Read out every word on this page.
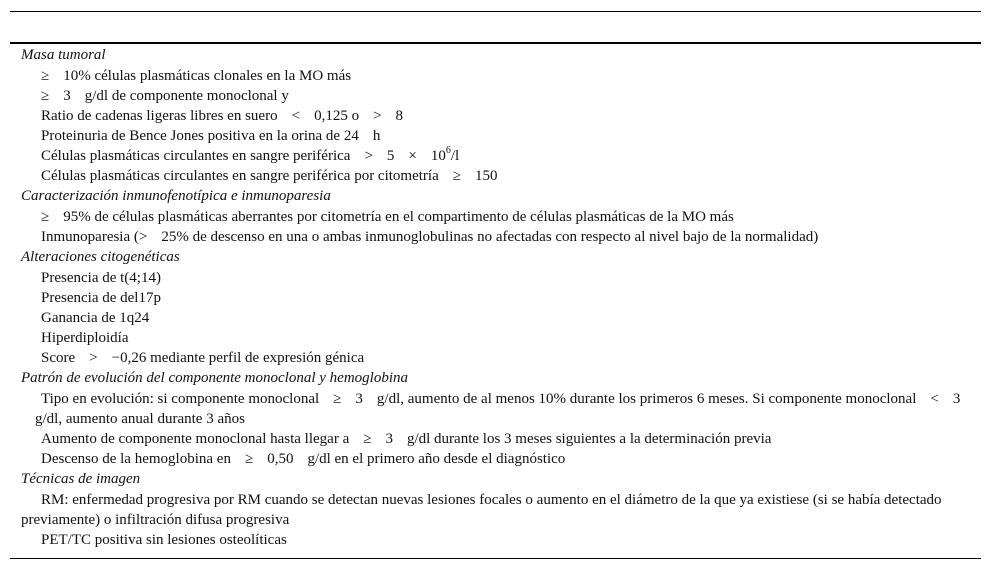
Masa tumoral
≥ 10% células plasmáticas clonales en la MO más
≥ 3 g/dl de componente monoclonal y
Ratio de cadenas ligeras libres en suero < 0,125 o > 8
Proteinuria de Bence Jones positiva en la orina de 24 h
Células plasmáticas circulantes en sangre periférica > $5 \times 10^6/l$
Células plasmáticas circulantes en sangre periférica por citometría ≥ 150
Caracterización inmunofenotípica e inmunoparesia
≥ 95% de células plasmáticas aberrantes por citometría en el compartimento de células plasmáticas de la MO más
Inmunoparesia (> 25% de descenso en una o ambas inmunoglobulinas no afectadas con respecto al nivel bajo de la normalidad)
Alteraciones citogenéticas
Presencia de t(4;14)
Presencia de del17p
Ganancia de 1q24
Hiperdiploidía
Score > −0,26 mediante perfil de expresión génica
Patrón de evolución del componente monoclonal y hemoglobina
Tipo en evolución: si componente monoclonal ≥ 3 g/dl, aumento de al menos 10% durante los primeros 6 meses. Si componente monoclonal < 3g/dl, aumento anual durante 3 años
Aumento de componente monoclonal hasta llegar a ≥ 3 g/dl durante los 3 meses siguientes a la determinación previa
Descenso de la hemoglobina en ≥ 0,50 g/dl en el primero año desde el diagnóstico
Técnicas de imagen
RM: enfermedad progresiva por RM cuando se detectan nuevas lesiones focales o aumento en el diámetro de la que ya existiese (si se había detectado previamente) o infiltración difusa progresiva
PET/TC positiva sin lesiones osteolíticas
